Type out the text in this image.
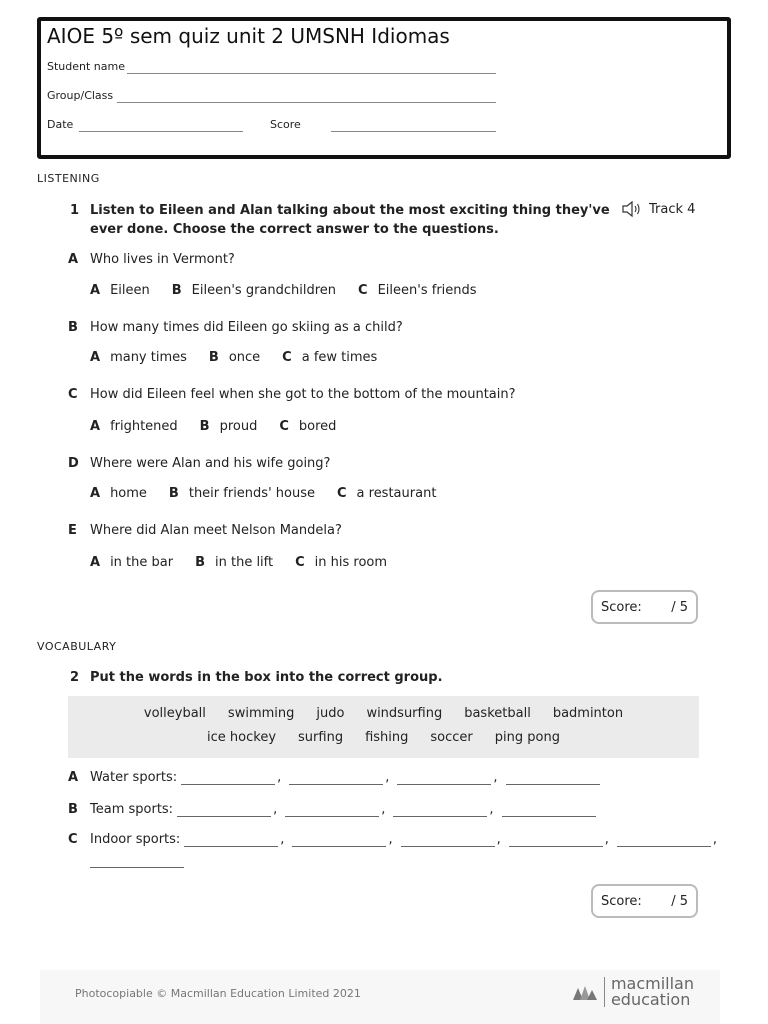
AIOE 5º sem quiz unit 2 UMSNH Idiomas
Student name
Group/Class
Date	Score
LISTENING
1 Listen to Eileen and Alan talking about the most exciting thing they've
ever done. Choose the correct answer to the questions.
Track 4
A Who lives in Vermont?
A Eileen B Eileen's grandchildren C Eileen's friends
B How many times did Eileen go skiing as a child?
A many times B once C a few times
C How did Eileen feel when she got to the bottom of the mountain?
A frightened B proud C bored
D Where were Alan and his wife going?
A home B their friends' house C a restaurant
E Where did Alan meet Nelson Mandela?
A in the bar B in the lift C in his room
Score: / 5
VOCABULARY
2 Put the words in the box into the correct group.
volleyball swimming judo windsurfing basketball badminton
ice hockey surfing fishing soccer ping pong
A Water sports:	,	,	,
B Team sports:	,	,	,
C Indoor sports:	,	,	,	,	,
Score: / 5
Photocopiable © Macmillan Education Limited 2021
macmillan
education
